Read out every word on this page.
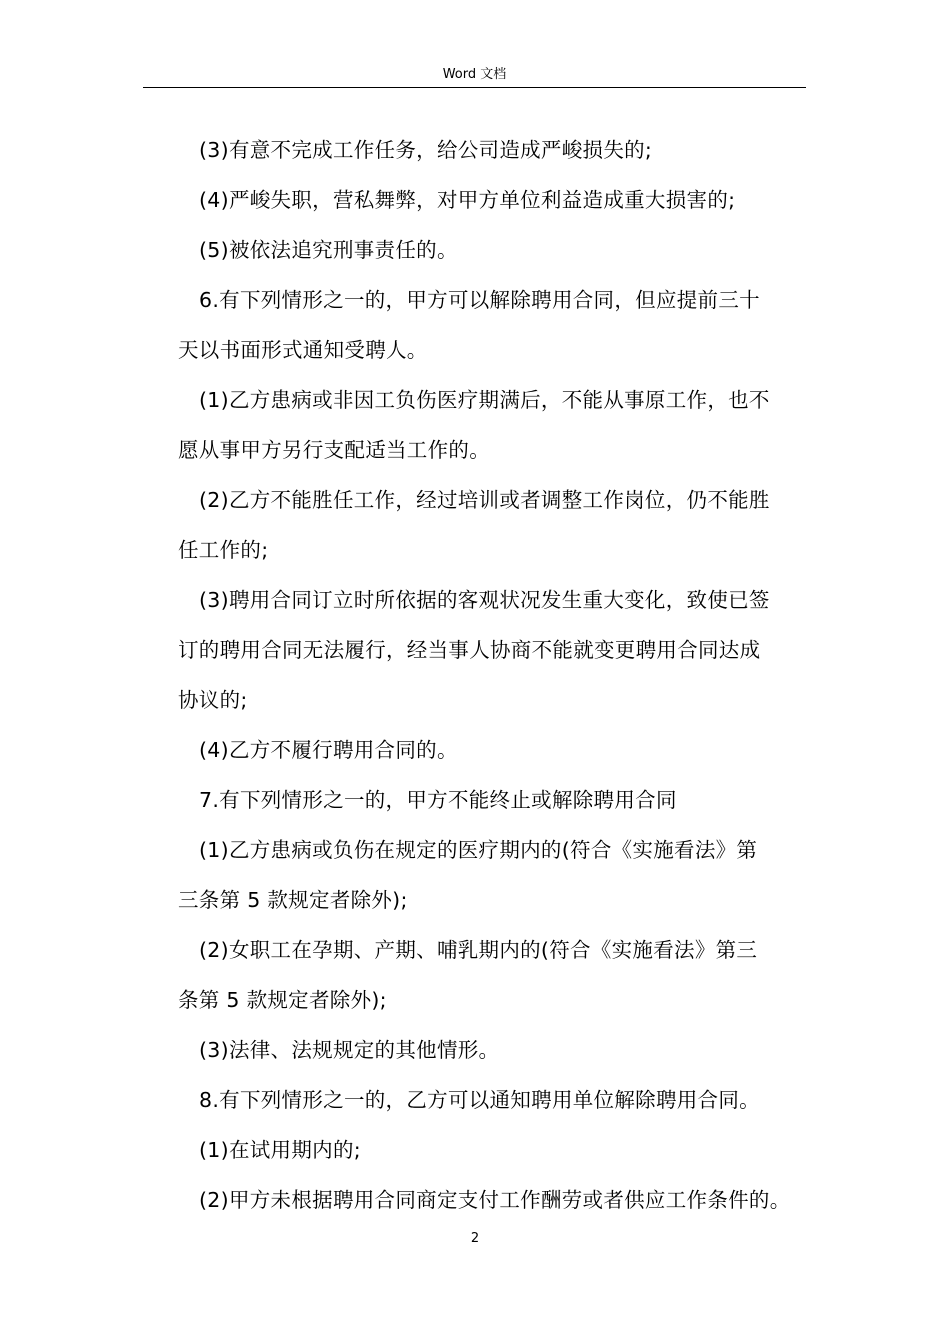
Word 文档

(3)有意不完成工作任务，给公司造成严峻损失的;

(4)严峻失职，营私舞弊，对甲方单位利益造成重大损害的;

(5)被依法追究刑事责任的。

6.有下列情形之一的，甲方可以解除聘用合同，但应提前三十

天以书面形式通知受聘人。

(1)乙方患病或非因工负伤医疗期满后，不能从事原工作，也不

愿从事甲方另行支配适当工作的。

(2)乙方不能胜任工作，经过培训或者调整工作岗位，仍不能胜

任工作的;

(3)聘用合同订立时所依据的客观状况发生重大变化，致使已签

订的聘用合同无法履行，经当事人协商不能就变更聘用合同达成

协议的;

(4)乙方不履行聘用合同的。

7.有下列情形之一的，甲方不能终止或解除聘用合同

(1)乙方患病或负伤在规定的医疗期内的(符合《实施看法》第

三条第 5 款规定者除外);

(2)女职工在孕期、产期、哺乳期内的(符合《实施看法》第三

条第 5 款规定者除外);

(3)法律、法规规定的其他情形。

8.有下列情形之一的，乙方可以通知聘用单位解除聘用合同。

(1)在试用期内的;

(2)甲方未根据聘用合同商定支付工作酬劳或者供应工作条件的。

2
